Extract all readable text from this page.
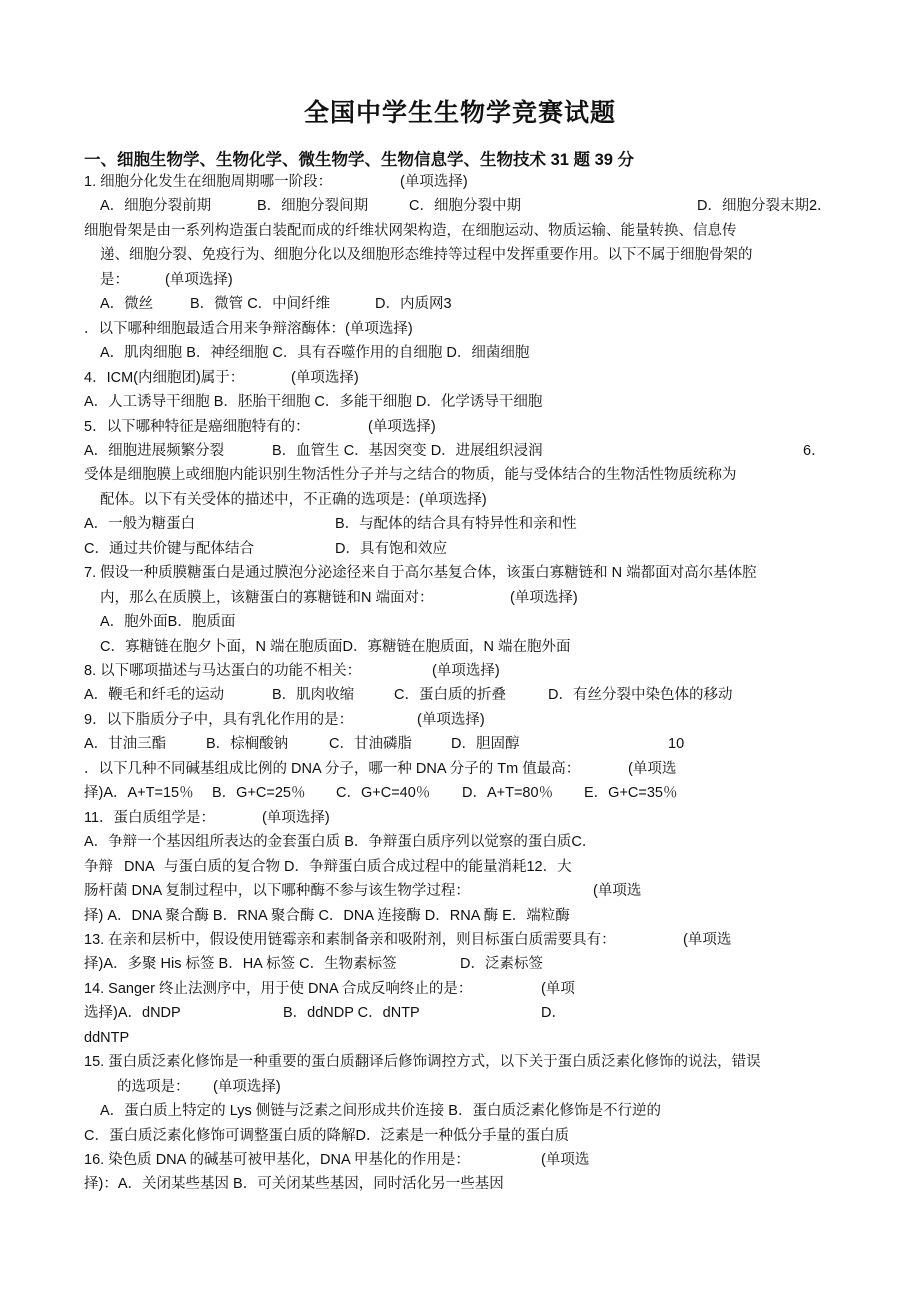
全国中学生生物学竞赛试题
一、细胞生物学、生物化学、微生物学、生物信息学、生物技术 31 题 39 分
1. 细胞分化发生在细胞周期哪一阶段：	(单项选择)
A．细胞分裂前期	B．细胞分裂间期	C．细胞分裂中期	D．细胞分裂末期2．
细胞骨架是由一系列构造蛋白装配而成的纤维状网架构造，在细胞运动、物质运输、能量转换、信息传
递、细胞分裂、免疫行为、细胞分化以及细胞形态维持等过程中发挥重要作用。以下不属于细胞骨架的
是： (单项选择)
A．微丝	B．微管 C．中间纤维	D．内质网3
．以下哪种细胞最适合用来争辩溶酶体：(单项选择)
A．肌肉细胞 B．神经细胞 C．具有吞噬作用的自细胞 D．细菌细胞
4．ICM(内细胞团)属于：	(单项选择)
A．人工诱导干细胞 B．胚胎干细胞 C．多能干细胞 D．化学诱导干细胞
5．以下哪种特征是癌细胞特有的：	(单项选择)
A．细胞进展频繁分裂	B．血管生 C．基因突变 D．进展组织浸润	6．
受体是细胞膜上或细胞内能识别生物活性分子并与之结合的物质，能与受体结合的生物活性物质统称为
配体。以下有关受体的描述中，不正确的选项是：(单项选择)
A．一般为糖蛋白	B．与配体的结合具有特异性和亲和性
C．通过共价键与配体结合	D．具有饱和效应
7. 假设一种质膜糖蛋白是通过膜泡分泌途径来自于高尔基复合体，该蛋白寡糖链和 N 端都面对高尔基体腔
内，那么在质膜上，该糖蛋白的寡糖链和N 端面对：	(单项选择)
A．胞外面B．胞质面
C．寡糖链在胞夕卜面，N 端在胞质面D．寡糖链在胞质面，N 端在胞外面
8. 以下哪项描述与马达蛋白的功能不相关：	(单项选择)
A．鞭毛和纤毛的运动	B．肌肉收缩	C．蛋白质的折叠	D．有丝分裂中染色体的移动
9．以下脂质分子中，具有乳化作用的是：	(单项选择)
A．甘油三酯	B．棕榈酸钠	C．甘油磷脂	D．胆固醇	10
．以下几种不同碱基组成比例的 DNA 分子，哪一种 DNA 分子的 Tm 值最高：	(单项选
择)A．A+T=15％ B．G+C=25％ C．G+C=40％ D．A+T=80％ E．G+C=35％
11．蛋白质组学是：	(单项选择)
A．争辩一个基因组所表达的金套蛋白质 B．争辩蛋白质序列以觉察的蛋白质C．
争辩 DNA 与蛋白质的复合物 D．争辩蛋白质合成过程中的能量消耗12．大
肠杆菌 DNA 复制过程中，以下哪种酶不参与该生物学过程：	(单项选
择) A．DNA 聚合酶 B．RNA 聚合酶 C．DNA 连接酶 D．RNA 酶 E．端粒酶
13. 在亲和层析中，假设使用链霉亲和素制备亲和吸附剂，则目标蛋白质需要具有：	(单项选
择)A．多聚 His 标签 B．HA 标签 C．生物素标签	D．泛素标签
14. Sanger 终止法测序中，用于使 DNA 合成反响终止的是：	(单项
选择)A．dNDP	B．ddNDP C．dNTP	D．
ddNTP
15. 蛋白质泛素化修饰是一种重要的蛋白质翻译后修饰调控方式，以下关于蛋白质泛素化修饰的说法，错误
的选项是： (单项选择)
A．蛋白质上特定的 Lys 侧链与泛素之间形成共价连接 B．蛋白质泛素化修饰是不行逆的
C．蛋白质泛素化修饰可调整蛋白质的降解D．泛素是一种低分手量的蛋白质
16. 染色质 DNA 的碱基可被甲基化，DNA 甲基化的作用是：	(单项选
择)：A．关闭某些基因 B．可关闭某些基因，同时活化另一些基因
